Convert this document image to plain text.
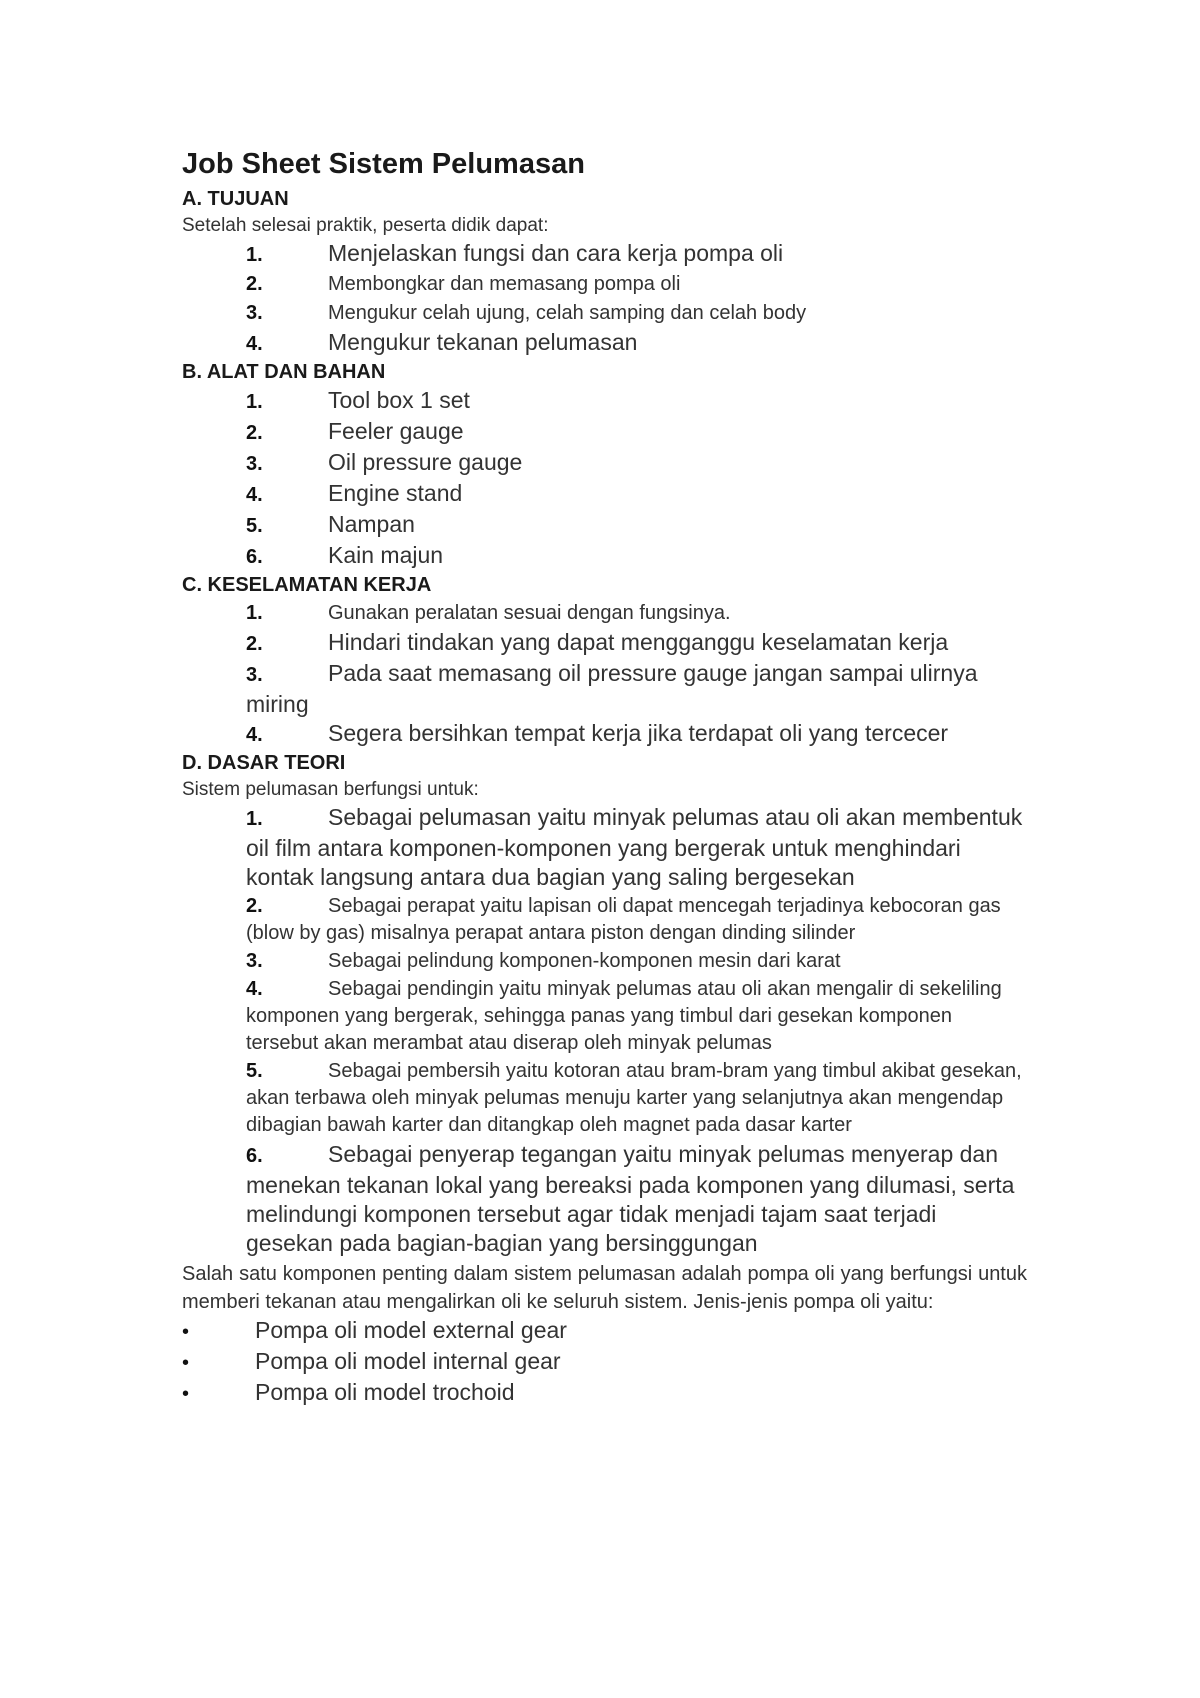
Job Sheet Sistem Pelumasan
A. TUJUAN
Setelah selesai praktik, peserta didik dapat:
1.	Menjelaskan fungsi dan cara kerja pompa oli
2.	Membongkar dan memasang pompa oli
3.	Mengukur celah ujung, celah samping dan celah body
4.	Mengukur tekanan pelumasan
B. ALAT DAN BAHAN
1.	Tool box 1 set
2.	Feeler gauge
3.	Oil pressure gauge
4.	Engine stand
5.	Nampan
6.	Kain majun
C. KESELAMATAN KERJA
1.	Gunakan peralatan sesuai dengan fungsinya.
2.	Hindari tindakan yang dapat mengganggu keselamatan kerja
3.	Pada saat memasang oil pressure gauge jangan sampai ulirnya miring
4.	Segera bersihkan tempat kerja jika terdapat oli yang tercecer
D. DASAR TEORI
Sistem pelumasan berfungsi untuk:
1.	Sebagai pelumasan yaitu minyak pelumas atau oli akan membentuk oil film antara komponen-komponen yang bergerak untuk menghindari kontak langsung antara dua bagian yang saling bergesekan
2.	Sebagai perapat yaitu lapisan oli dapat mencegah terjadinya kebocoran gas (blow by gas) misalnya perapat antara piston dengan dinding silinder
3.	Sebagai pelindung komponen-komponen mesin dari karat
4.	Sebagai pendingin yaitu minyak pelumas atau oli akan mengalir di sekeliling komponen yang bergerak, sehingga panas yang timbul dari gesekan komponen tersebut akan merambat atau diserap oleh minyak pelumas
5.	Sebagai pembersih yaitu kotoran atau bram-bram yang timbul akibat gesekan, akan terbawa oleh minyak pelumas menuju karter yang selanjutnya akan mengendap dibagian bawah karter dan ditangkap oleh magnet pada dasar karter
6.	Sebagai penyerap tegangan yaitu minyak pelumas menyerap dan menekan tekanan lokal yang bereaksi pada komponen yang dilumasi, serta melindungi komponen tersebut agar tidak menjadi tajam saat terjadi gesekan pada bagian-bagian yang bersinggungan

Salah satu komponen penting dalam sistem pelumasan adalah pompa oli yang berfungsi untuk memberi tekanan atau mengalirkan oli ke seluruh sistem. Jenis-jenis pompa oli yaitu:

•	Pompa oli model external gear
•	Pompa oli model internal gear
•	Pompa oli model trochoid
